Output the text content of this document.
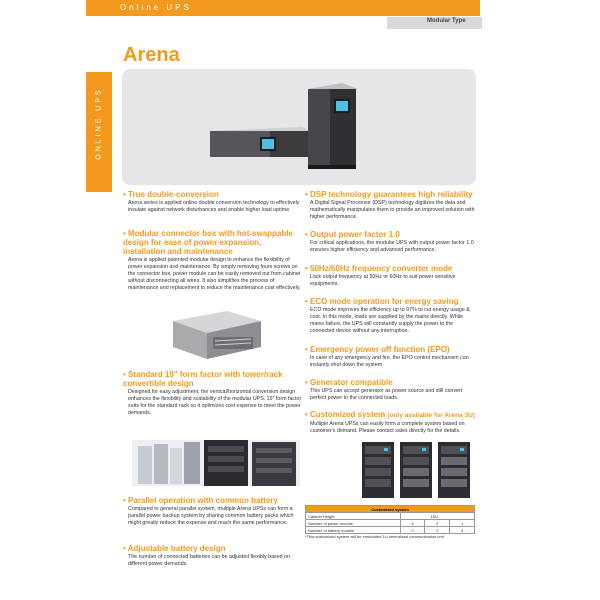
Online UPS
Modular Type
ONLINE UPS
Arena
• True double-conversion

Arena series is applied online double conversion technology to effectively insulate against network disturbances and enable higher load uptime.

• Modular connector box with hot-swappable design for ease of power expansion, installation and maintenance

Arena is applied patented modular design to enhance the flexibility of power expansion and maintenance. By simply removing fours screws on the connector box, power module can be easily removed out from cabinet without disconnecting all wires. It also simplifies the process of maintenance and replacement to reduce the maintenance cost effectively.

• Standard 19" form factor with tower/rack convertible design

Designed for easy adjustment, the vertical/horizontal conversion design enhances the flexibility and scalability of the modular UPS. 19" form factor suits for the standard rack so it optimizes cost expense to meet the power demands.

• Parallel operation with common battery

Compared to general parallel system, multiple Arena UPSs can form a parallel power backup system by sharing common battery packs which might greatly reduce the expense and reach the same performance.

• Adjustable battery design

The number of connected batteries can be adjusted flexibly based on different power demands.

• DSP technology guarantees high reliability

A Digital Signal Processor (DSP) technology digitizes the data and mathematically manipulates them to provide an improved solution with higher performance.

• Output power factor 1.0

For critical applications, the modular UPS with output power factor 1.0 ensures higher efficiency and advanced performance.

• 50Hz/60Hz frequency converter mode

Lock output frequency at 50Hz or 60Hz to suit power sensitive equipments.

• ECO mode operation for energy saving

ECO mode improves the efficiency up to 97% to cut energy usage & cost. In this mode, loads are supplied by the mains directly. While mains failure, the UPS will constantly supply the power to the connected device without any interruption.

• Emergency power off function (EPO)

In case of any emergency and fire, the EPO control mechanism can instantly shut down the system.

• Generator compatible

This UPS can accept generator as power source and still convert perfect power to the connected loads.

• Customized system (only available for Arena 3U)

Multiple Arena UPSs can easily form a complete system based on customer's demand. Please contact sales directly for the details.

Customized system			
Cabinet Height	15U		
Number of power module	4	2	1
Number of battery module	0	2	3
*This customized system will be embedded 1U centralized communication unit
